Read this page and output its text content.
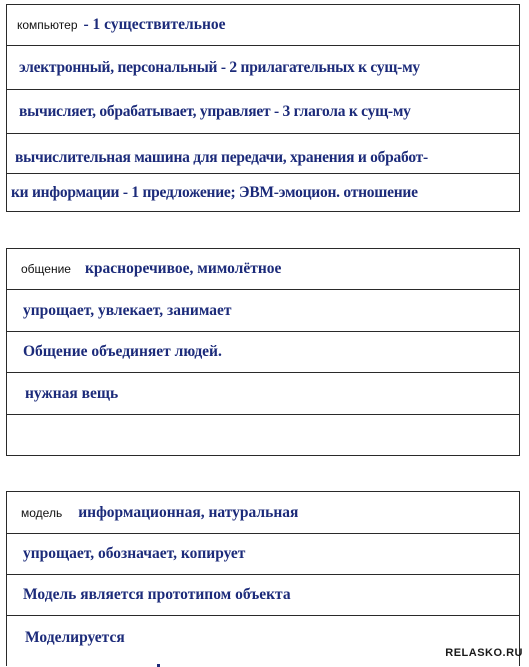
компьютер - 1 существительное
электронный, персональный - 2 прилагательных к сущ-му
вычисляет, обрабатывает, управляет - 3 глагола к сущ-му
вычислительная машина для передачи, хранения и обработ-
ки информации - 1 предложение; ЭВМ-эмоцион. отношение
общение красноречивое, мимолётное
упрощает, увлекает, занимает
Общение объединяет людей.
нужная вещь
модель информационная, натуральная
упрощает, обозначает, копирует
Модель является прототипом объекта
Моделируется
RELASKO.RU
